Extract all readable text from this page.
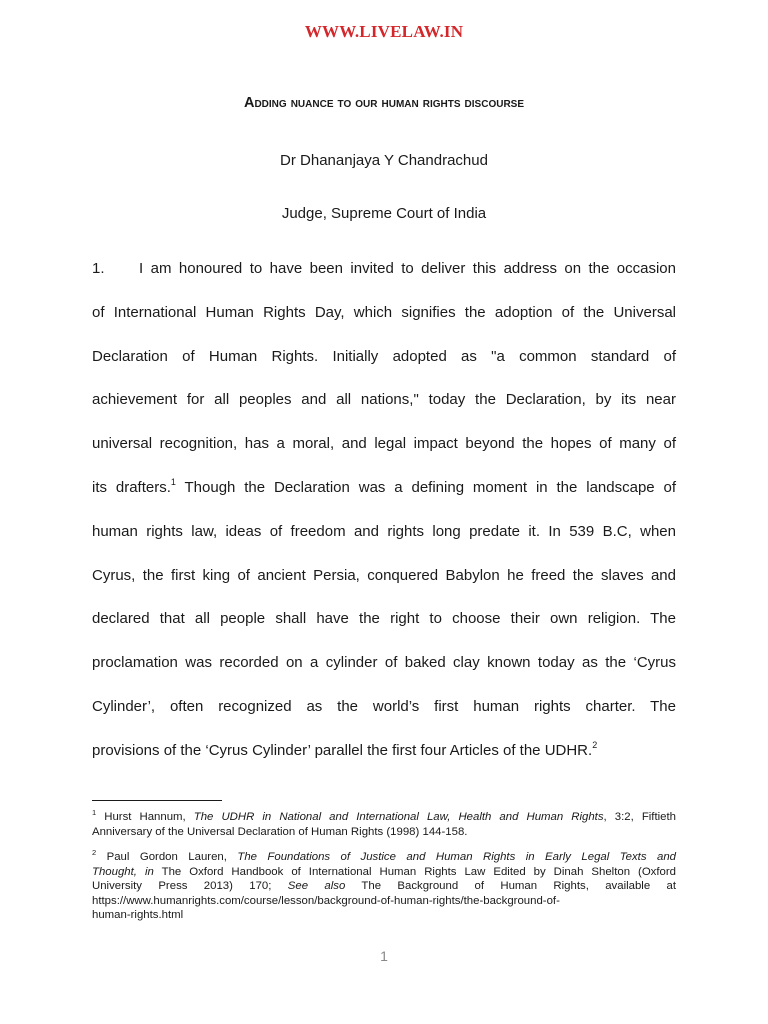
WWW.LIVELAW.IN
Adding nuance to our human rights discourse
Dr Dhananjaya Y Chandrachud
Judge, Supreme Court of India
1. I am honoured to have been invited to deliver this address on the occasion
of International Human Rights Day, which signifies the adoption of the Universal
Declaration of Human Rights. Initially adopted as "a common standard of
achievement for all peoples and all nations," today the Declaration, by its near
universal recognition, has a moral, and legal impact beyond the hopes of many of
its drafters.$^1$ Though the Declaration was a defining moment in the landscape of
human rights law, ideas of freedom and rights long predate it. In 539 B.C, when
Cyrus, the first king of ancient Persia, conquered Babylon he freed the slaves and
declared that all people shall have the right to choose their own religion. The
proclamation was recorded on a cylinder of baked clay known today as the ‘Cyrus
Cylinder’, often recognized as the world’s first human rights charter. The
provisions of the ‘Cyrus Cylinder’ parallel the first four Articles of the UDHR.$^2$
$^1$ Hurst Hannum, The UDHR in National and International Law, Health and Human Rights, 3:2, Fiftieth
Anniversary of the Universal Declaration of Human Rights (1998) 144-158.
$^2$ Paul Gordon Lauren, The Foundations of Justice and Human Rights in Early Legal Texts and
Thought, in The Oxford Handbook of International Human Rights Law Edited by Dinah Shelton (Oxford
University Press 2013) 170; See also The Background of Human Rights, available at
https://www.humanrights.com/course/lesson/background-of-human-rights/the-background-of-
human-rights.html
1
